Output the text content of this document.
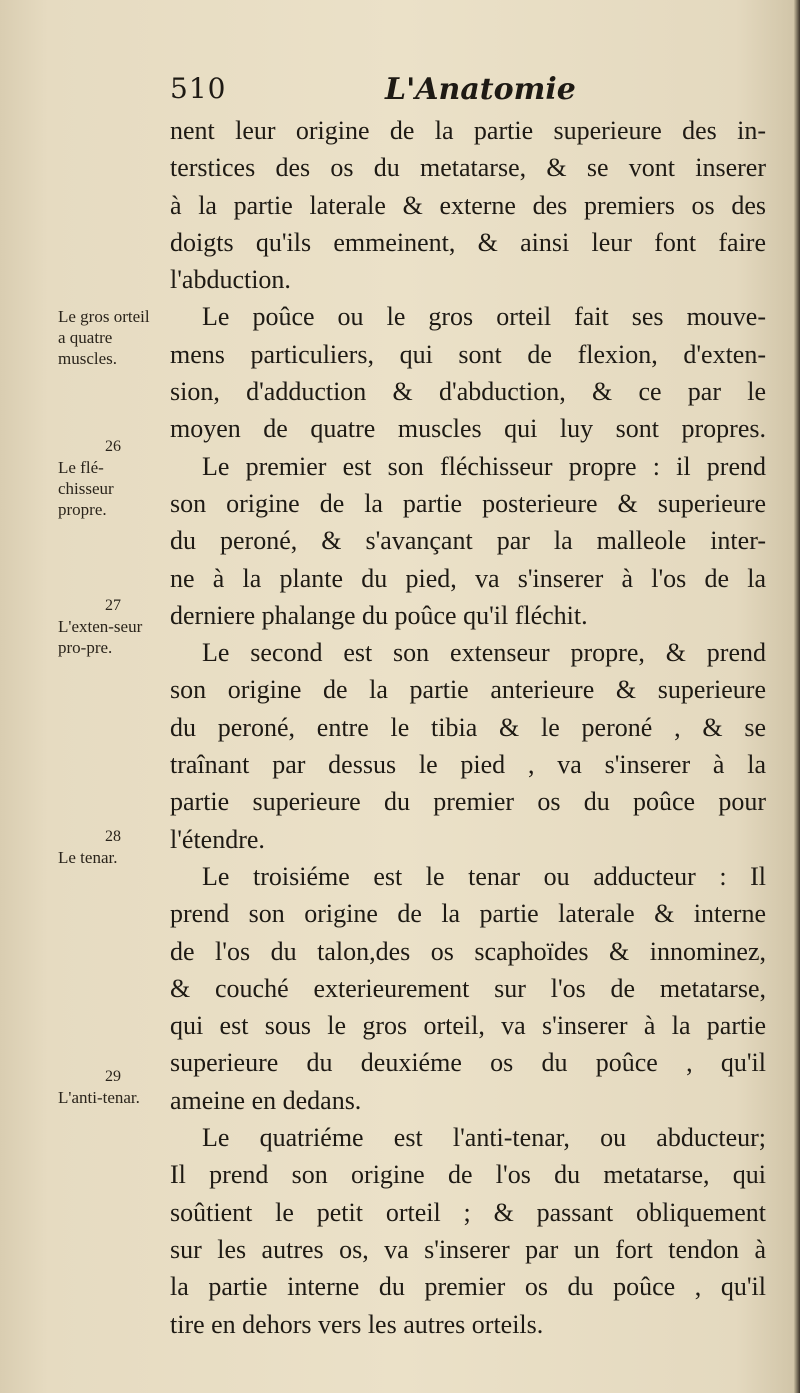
510	L'Anatomie
Le gros orteil a quatre muscles.
26
Le flé-chisseur propre.
27
L'exten-seur pro-pre.
28
Le tenar.
29
L'anti-tenar.
nent leur origine de la partie superieure des in-
terstices des os du metatarse, & se vont inserer
à la partie laterale & externe des premiers os des
doigts qu'ils emmeinent, & ainsi leur font faire
l'abduction.
Le poûce ou le gros orteil fait ses mouve-
mens particuliers, qui sont de flexion, d'exten-
sion, d'adduction & d'abduction, & ce par le
moyen de quatre muscles qui luy sont propres.
Le premier est son fléchisseur propre : il prend
son origine de la partie posterieure & superieure
du peroné, & s'avançant par la malleole inter-
ne à la plante du pied, va s'inserer à l'os de la
derniere phalange du poûce qu'il fléchit.
Le second est son extenseur propre, & prend
son origine de la partie anterieure & superieure
du peroné, entre le tibia & le peroné , & se
traînant par dessus le pied , va s'inserer à la
partie superieure du premier os du poûce pour
l'étendre.
Le troisiéme est le tenar ou adducteur : Il
prend son origine de la partie laterale & interne
de l'os du talon,des os scaphoïdes & innominez,
& couché exterieurement sur l'os de metatarse,
qui est sous le gros orteil, va s'inserer à la partie
superieure du deuxiéme os du poûce , qu'il
ameine en dedans.
Le quatriéme est l'anti-tenar, ou abducteur;
Il prend son origine de l'os du metatarse, qui
soûtient le petit orteil ; & passant obliquement
sur les autres os, va s'inserer par un fort tendon à
la partie interne du premier os du poûce , qu'il
tire en dehors vers les autres orteils.
